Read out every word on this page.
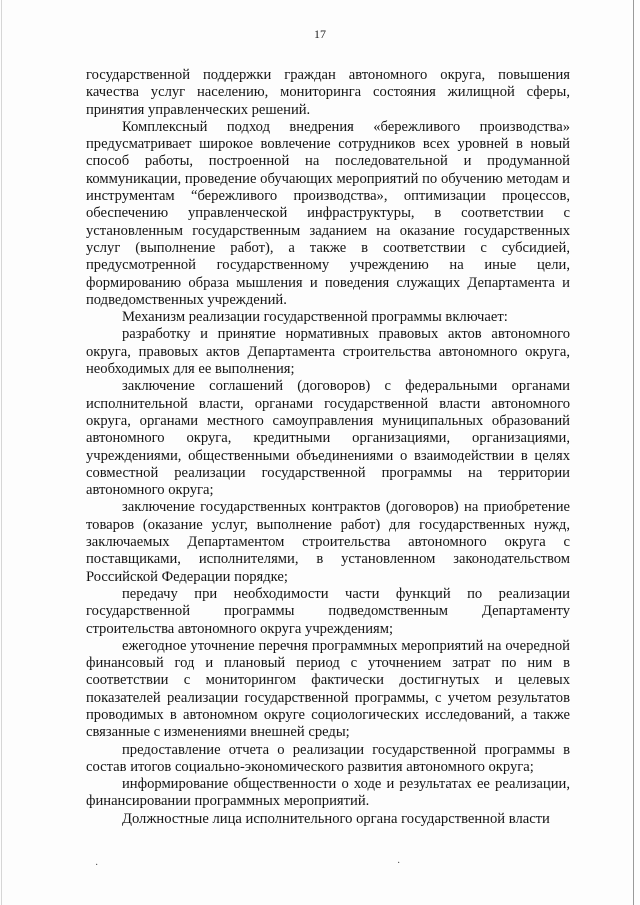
17

государственной поддержки граждан автономного округа, повышения качества услуг населению, мониторинга состояния жилищной сферы, принятия управленческих решений.

Комплексный подход внедрения «бережливого производства» предусматривает широкое вовлечение сотрудников всех уровней в новый способ работы, построенной на последовательной и продуманной коммуникации, проведение обучающих мероприятий по обучению методам и инструментам “бережливого производства», оптимизации процессов, обеспечению управленческой инфраструктуры, в соответствии с установленным государственным заданием на оказание государственных услуг (выполнение работ), а также в соответствии с субсидией, предусмотренной государственному учреждению на иные цели, формированию образа мышления и поведения служащих Департамента и подведомственных учреждений.

Механизм реализации государственной программы включает:

разработку и принятие нормативных правовых актов автономного округа, правовых актов Департамента строительства автономного округа, необходимых для ее выполнения;

заключение соглашений (договоров) с федеральными органами исполнительной власти, органами государственной власти автономного округа, органами местного самоуправления муниципальных образований автономного округа, кредитными организациями, организациями, учреждениями, общественными объединениями о взаимодействии в целях совместной реализации государственной программы на территории автономного округа;

заключение государственных контрактов (договоров) на приобретение товаров (оказание услуг, выполнение работ) для государственных нужд, заключаемых Департаментом строительства автономного округа с поставщиками, исполнителями, в установленном законодательством Российской Федерации порядке;

передачу при необходимости части функций по реализации государственной программы подведомственным Департаменту строительства автономного округа учреждениям;

ежегодное уточнение перечня программных мероприятий на очередной финансовый год и плановый период с уточнением затрат по ним в соответствии с мониторингом фактически достигнутых и целевых показателей реализации государственной программы, с учетом результатов проводимых в автономном округе социологических исследований, а также связанные с изменениями внешней среды;

предоставление отчета о реализации государственной программы в состав итогов социально-экономического развития автономного округа;

информирование общественности о ходе и результатах ее реализации, финансировании программных мероприятий.

Должностные лица исполнительного органа государственной власти

·	·
